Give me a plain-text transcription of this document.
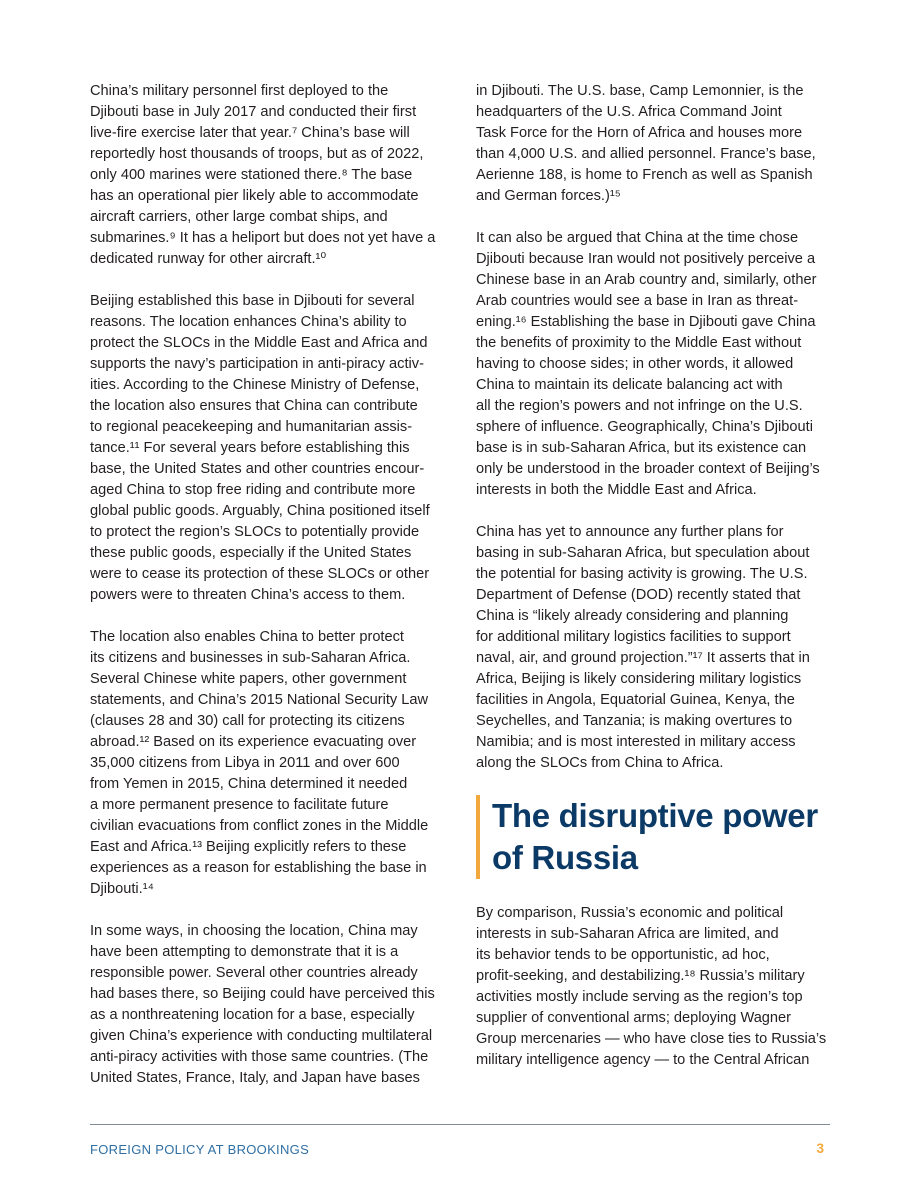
China’s military personnel first deployed to the
Djibouti base in July 2017 and conducted their first
live-fire exercise later that year.⁷ China’s base will
reportedly host thousands of troops, but as of 2022,
only 400 marines were stationed there.⁸ The base
has an operational pier likely able to accommodate
aircraft carriers, other large combat ships, and
submarines.⁹ It has a heliport but does not yet have a
dedicated runway for other aircraft.¹⁰

Beijing established this base in Djibouti for several
reasons. The location enhances China’s ability to
protect the SLOCs in the Middle East and Africa and
supports the navy’s participation in anti-piracy activ-
ities. According to the Chinese Ministry of Defense,
the location also ensures that China can contribute
to regional peacekeeping and humanitarian assis-
tance.¹¹ For several years before establishing this
base, the United States and other countries encour-
aged China to stop free riding and contribute more
global public goods. Arguably, China positioned itself
to protect the region’s SLOCs to potentially provide
these public goods, especially if the United States
were to cease its protection of these SLOCs or other
powers were to threaten China’s access to them.

The location also enables China to better protect
its citizens and businesses in sub-Saharan Africa.
Several Chinese white papers, other government
statements, and China’s 2015 National Security Law
(clauses 28 and 30) call for protecting its citizens
abroad.¹² Based on its experience evacuating over
35,000 citizens from Libya in 2011 and over 600
from Yemen in 2015, China determined it needed
a more permanent presence to facilitate future
civilian evacuations from conflict zones in the Middle
East and Africa.¹³ Beijing explicitly refers to these
experiences as a reason for establishing the base in
Djibouti.¹⁴

In some ways, in choosing the location, China may
have been attempting to demonstrate that it is a
responsible power. Several other countries already
had bases there, so Beijing could have perceived this
as a nonthreatening location for a base, especially
given China’s experience with conducting multilateral
anti-piracy activities with those same countries. (The
United States, France, Italy, and Japan have bases

in Djibouti. The U.S. base, Camp Lemonnier, is the
headquarters of the U.S. Africa Command Joint
Task Force for the Horn of Africa and houses more
than 4,000 U.S. and allied personnel. France’s base,
Aerienne 188, is home to French as well as Spanish
and German forces.)¹⁵

It can also be argued that China at the time chose
Djibouti because Iran would not positively perceive a
Chinese base in an Arab country and, similarly, other
Arab countries would see a base in Iran as threat-
ening.¹⁶ Establishing the base in Djibouti gave China
the benefits of proximity to the Middle East without
having to choose sides; in other words, it allowed
China to maintain its delicate balancing act with
all the region’s powers and not infringe on the U.S.
sphere of influence. Geographically, China’s Djibouti
base is in sub-Saharan Africa, but its existence can
only be understood in the broader context of Beijing’s
interests in both the Middle East and Africa.

China has yet to announce any further plans for
basing in sub-Saharan Africa, but speculation about
the potential for basing activity is growing. The U.S.
Department of Defense (DOD) recently stated that
China is “likely already considering and planning
for additional military logistics facilities to support
naval, air, and ground projection.”¹⁷ It asserts that in
Africa, Beijing is likely considering military logistics
facilities in Angola, Equatorial Guinea, Kenya, the
Seychelles, and Tanzania; is making overtures to
Namibia; and is most interested in military access
along the SLOCs from China to Africa.

The disruptive power
of Russia

By comparison, Russia’s economic and political
interests in sub-Saharan Africa are limited, and
its behavior tends to be opportunistic, ad hoc,
profit-seeking, and destabilizing.¹⁸ Russia’s military
activities mostly include serving as the region’s top
supplier of conventional arms; deploying Wagner
Group mercenaries — who have close ties to Russia’s
military intelligence agency — to the Central African

FOREIGN POLICY AT BROOKINGS	3
